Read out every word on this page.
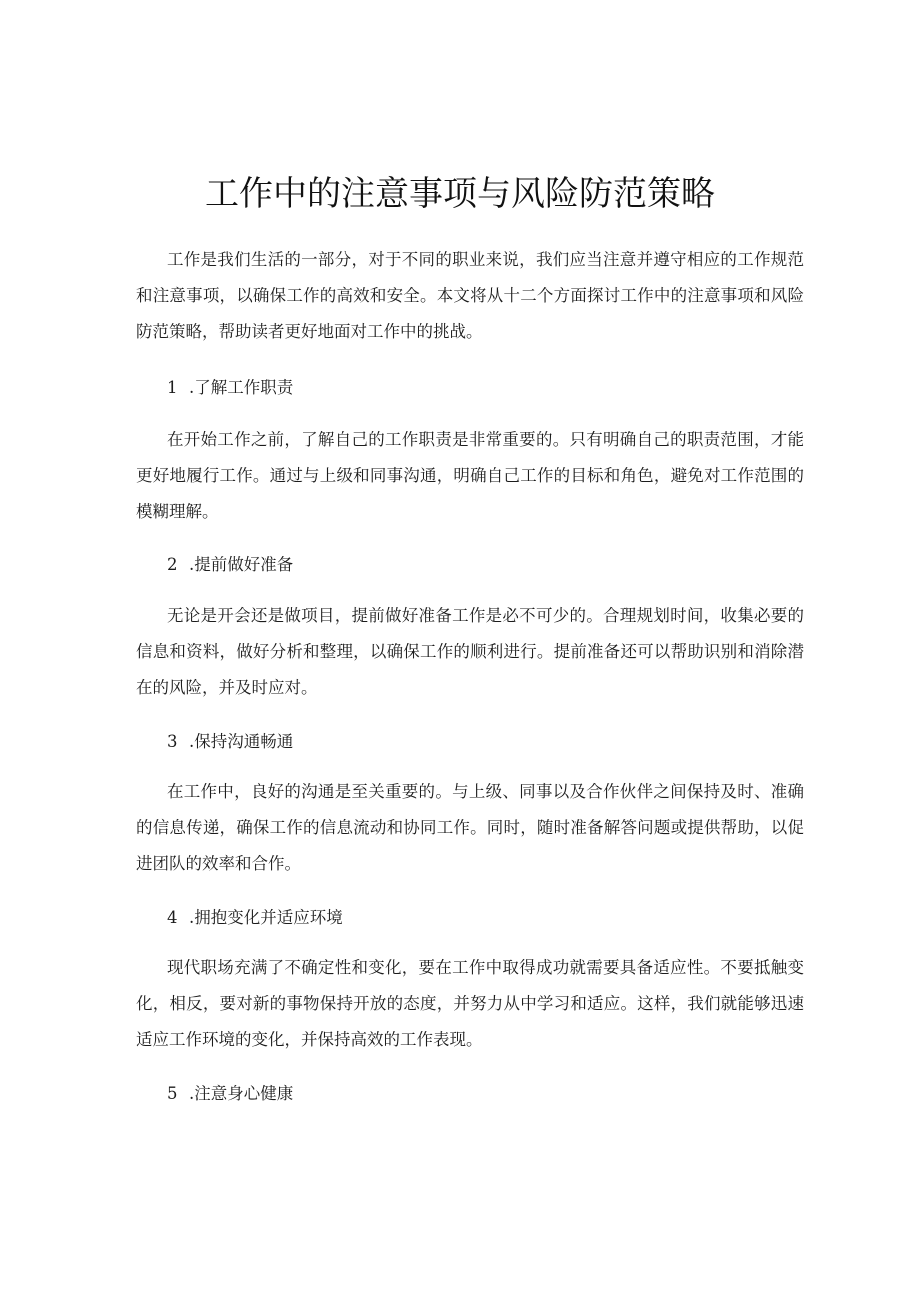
工作中的注意事项与风险防范策略

工作是我们生活的一部分，对于不同的职业来说，我们应当注意并遵守相应的工作规范和注意事项，以确保工作的高效和安全。本文将从十二个方面探讨工作中的注意事项和风险防范策略，帮助读者更好地面对工作中的挑战。

1 .了解工作职责

在开始工作之前，了解自己的工作职责是非常重要的。只有明确自己的职责范围，才能更好地履行工作。通过与上级和同事沟通，明确自己工作的目标和角色，避免对工作范围的模糊理解。

2 .提前做好准备

无论是开会还是做项目，提前做好准备工作是必不可少的。合理规划时间，收集必要的信息和资料，做好分析和整理，以确保工作的顺利进行。提前准备还可以帮助识别和消除潜在的风险，并及时应对。

3 .保持沟通畅通

在工作中，良好的沟通是至关重要的。与上级、同事以及合作伙伴之间保持及时、准确的信息传递，确保工作的信息流动和协同工作。同时，随时准备解答问题或提供帮助，以促进团队的效率和合作。

4 .拥抱变化并适应环境

现代职场充满了不确定性和变化，要在工作中取得成功就需要具备适应性。不要抵触变化，相反，要对新的事物保持开放的态度，并努力从中学习和适应。这样，我们就能够迅速适应工作环境的变化，并保持高效的工作表现。

5 .注意身心健康
